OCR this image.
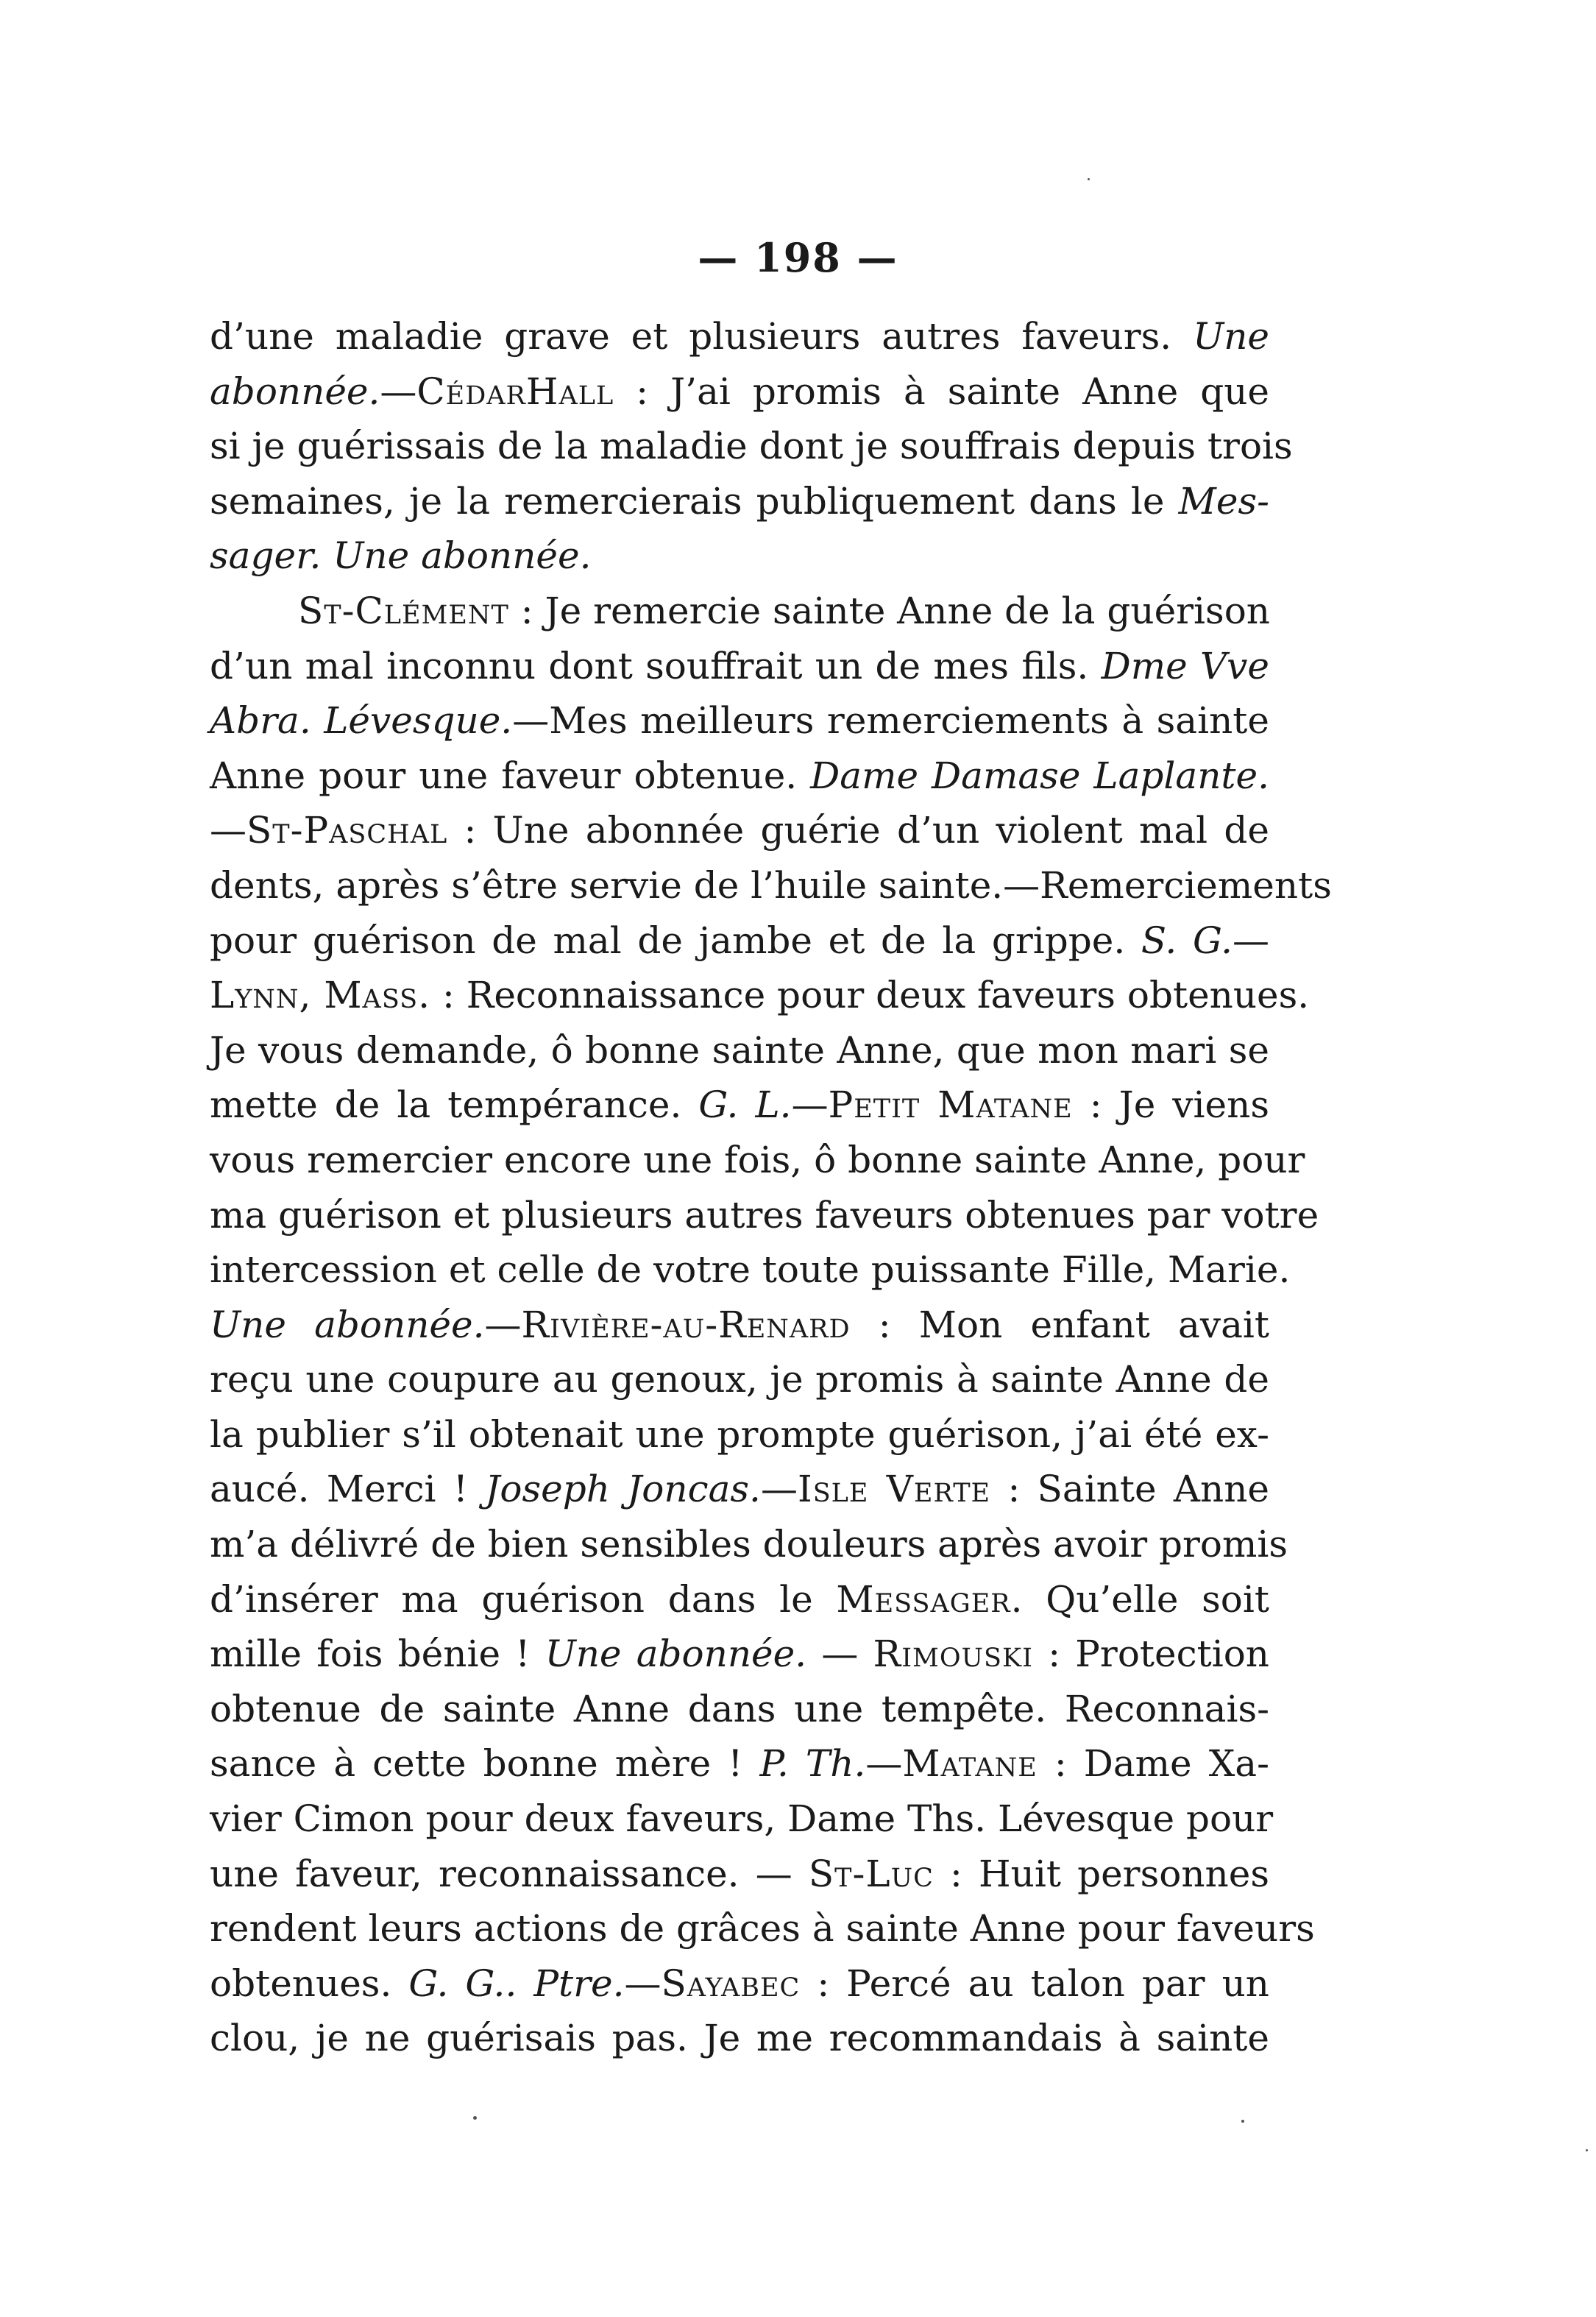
— 198 —
d’une maladie grave et plusieurs autres faveurs. Une
abonnée.—CédarHall : J’ai promis à sainte Anne que
si je guérissais de la maladie dont je souffrais depuis trois
semaines, je la remercierais publiquement dans le Mes-
sager. Une abonnée.
St-Clément : Je remercie sainte Anne de la guérison
d’un mal inconnu dont souffrait un de mes fils. Dme Vve
Abra. Lévesque.—Mes meilleurs remerciements à sainte
Anne pour une faveur obtenue. Dame Damase Laplante.
—St-Paschal : Une abonnée guérie d’un violent mal de
dents, après s’être servie de l’huile sainte.—Remerciements
pour guérison de mal de jambe et de la grippe. S. G.—
Lynn, Mass. : Reconnaissance pour deux faveurs obtenues.
Je vous demande, ô bonne sainte Anne, que mon mari se
mette de la tempérance. G. L.—Petit Matane : Je viens
vous remercier encore une fois, ô bonne sainte Anne, pour
ma guérison et plusieurs autres faveurs obtenues par votre
intercession et celle de votre toute puissante Fille, Marie.
Une abonnée.—Rivière-au-Renard : Mon enfant avait
reçu une coupure au genoux, je promis à sainte Anne de
la publier s’il obtenait une prompte guérison, j’ai été ex-
aucé. Merci ! Joseph Joncas.—Isle Verte : Sainte Anne
m’a délivré de bien sensibles douleurs après avoir promis
d’insérer ma guérison dans le Messager. Qu’elle soit
mille fois bénie ! Une abonnée. — Rimouski : Protection
obtenue de sainte Anne dans une tempête. Reconnais-
sance à cette bonne mère ! P. Th.—Matane : Dame Xa-
vier Cimon pour deux faveurs, Dame Ths. Lévesque pour
une faveur, reconnaissance. — St-Luc : Huit personnes
rendent leurs actions de grâces à sainte Anne pour faveurs
obtenues. G. G.. Ptre.—Sayabec : Percé au talon par un
clou, je ne guérisais pas. Je me recommandais à sainte
